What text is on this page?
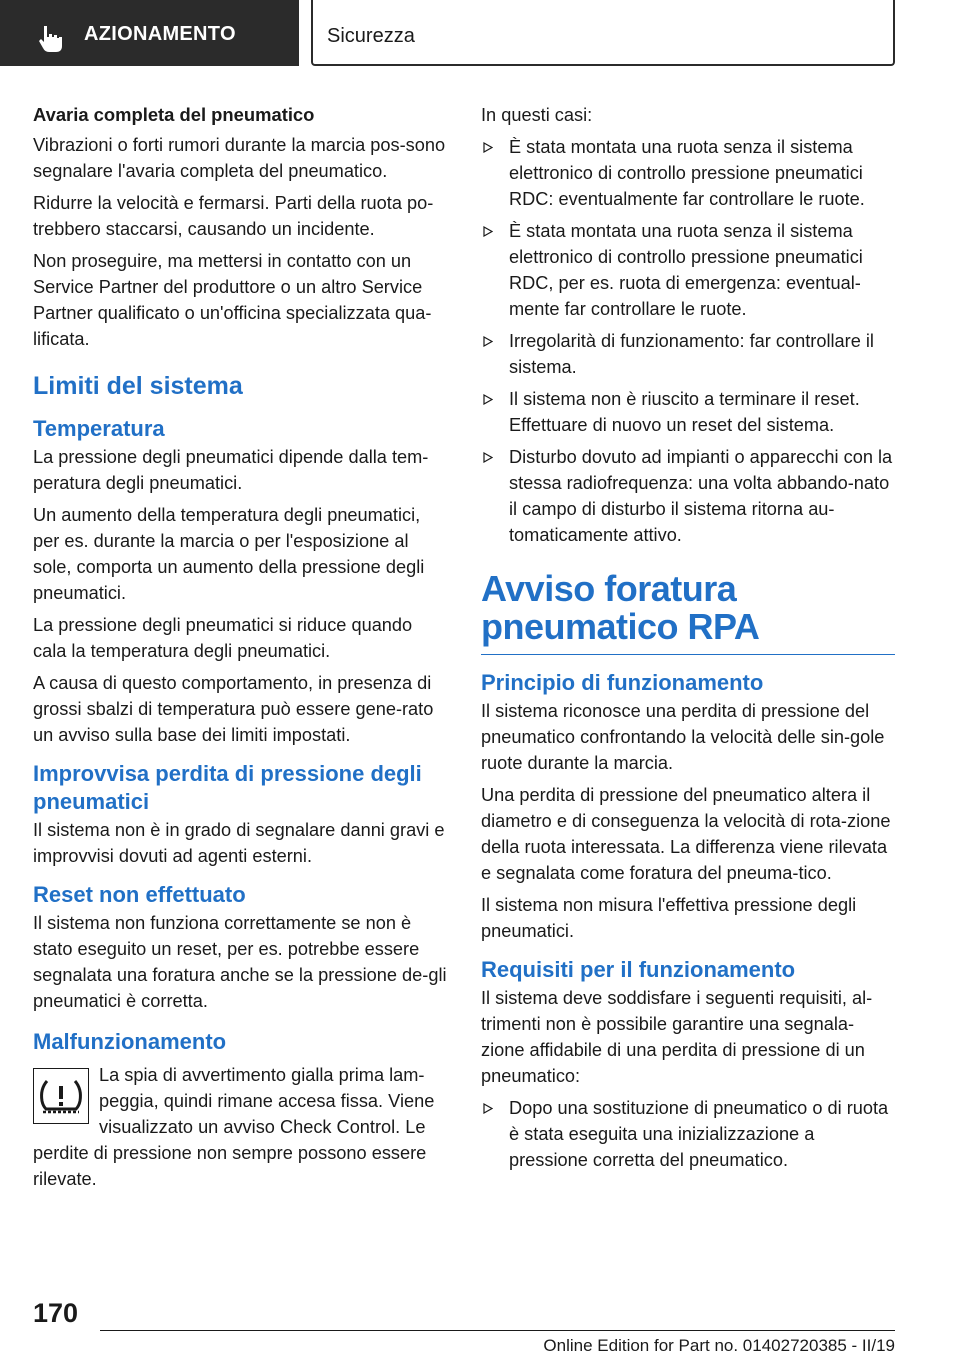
AZIONAMENTO	Sicurezza
Avaria completa del pneumatico

Vibrazioni o forti rumori durante la marcia pos-sono segnalare l'avaria completa del pneumatico.

Ridurre la velocità e fermarsi. Parti della ruota po-trebbero staccarsi, causando un incidente.

Non proseguire, ma mettersi in contatto con un Service Partner del produttore o un altro Service Partner qualificato o un'officina specializzata qua-lificata.

Limiti del sistema
Temperatura

La pressione degli pneumatici dipende dalla tem-peratura degli pneumatici.

Un aumento della temperatura degli pneumatici, per es. durante la marcia o per l'esposizione al sole, comporta un aumento della pressione degli pneumatici.

La pressione degli pneumatici si riduce quando cala la temperatura degli pneumatici.

A causa di questo comportamento, in presenza di grossi sbalzi di temperatura può essere gene-rato un avviso sulla base dei limiti impostati.

Improvvisa perdita di pressione degli pneumatici

Il sistema non è in grado di segnalare danni gravi e improvvisi dovuti ad agenti esterni.

Reset non effettuato

Il sistema non funziona correttamente se non è stato eseguito un reset, per es. potrebbe essere segnalata una foratura anche se la pressione de-gli pneumatici è corretta.

Malfunzionamento

La spia di avvertimento gialla prima lam-peggia, quindi rimane accesa fissa. Viene visualizzato un avviso Check Control. Le perdite di pressione non sempre possono essere rilevate.

In questi casi:

È stata montata una ruota senza il sistema elettronico di controllo pressione pneumatici RDC: eventualmente far controllare le ruote.
È stata montata una ruota senza il sistema elettronico di controllo pressione pneumatici RDC, per es. ruota di emergenza: eventual-mente far controllare le ruote.
Irregolarità di funzionamento: far controllare il sistema.
Il sistema non è riuscito a terminare il reset. Effettuare di nuovo un reset del sistema.
Disturbo dovuto ad impianti o apparecchi con la stessa radiofrequenza: una volta abbando-nato il campo di disturbo il sistema ritorna au-tomaticamente attivo.
Avviso foratura pneumatico RPA
Principio di funzionamento

Il sistema riconosce una perdita di pressione del pneumatico confrontando la velocità delle sin-gole ruote durante la marcia.

Una perdita di pressione del pneumatico altera il diametro e di conseguenza la velocità di rota-zione della ruota interessata. La differenza viene rilevata e segnalata come foratura del pneuma-tico.

Il sistema non misura l'effettiva pressione degli pneumatici.

Requisiti per il funzionamento

Il sistema deve soddisfare i seguenti requisiti, al-trimenti non è possibile garantire una segnala-zione affidabile di una perdita di pressione di un pneumatico:

Dopo una sostituzione di pneumatico o di ruota è stata eseguita una inizializzazione a pressione corretta del pneumatico.
170
Online Edition for Part no. 01402720385 - II/19
